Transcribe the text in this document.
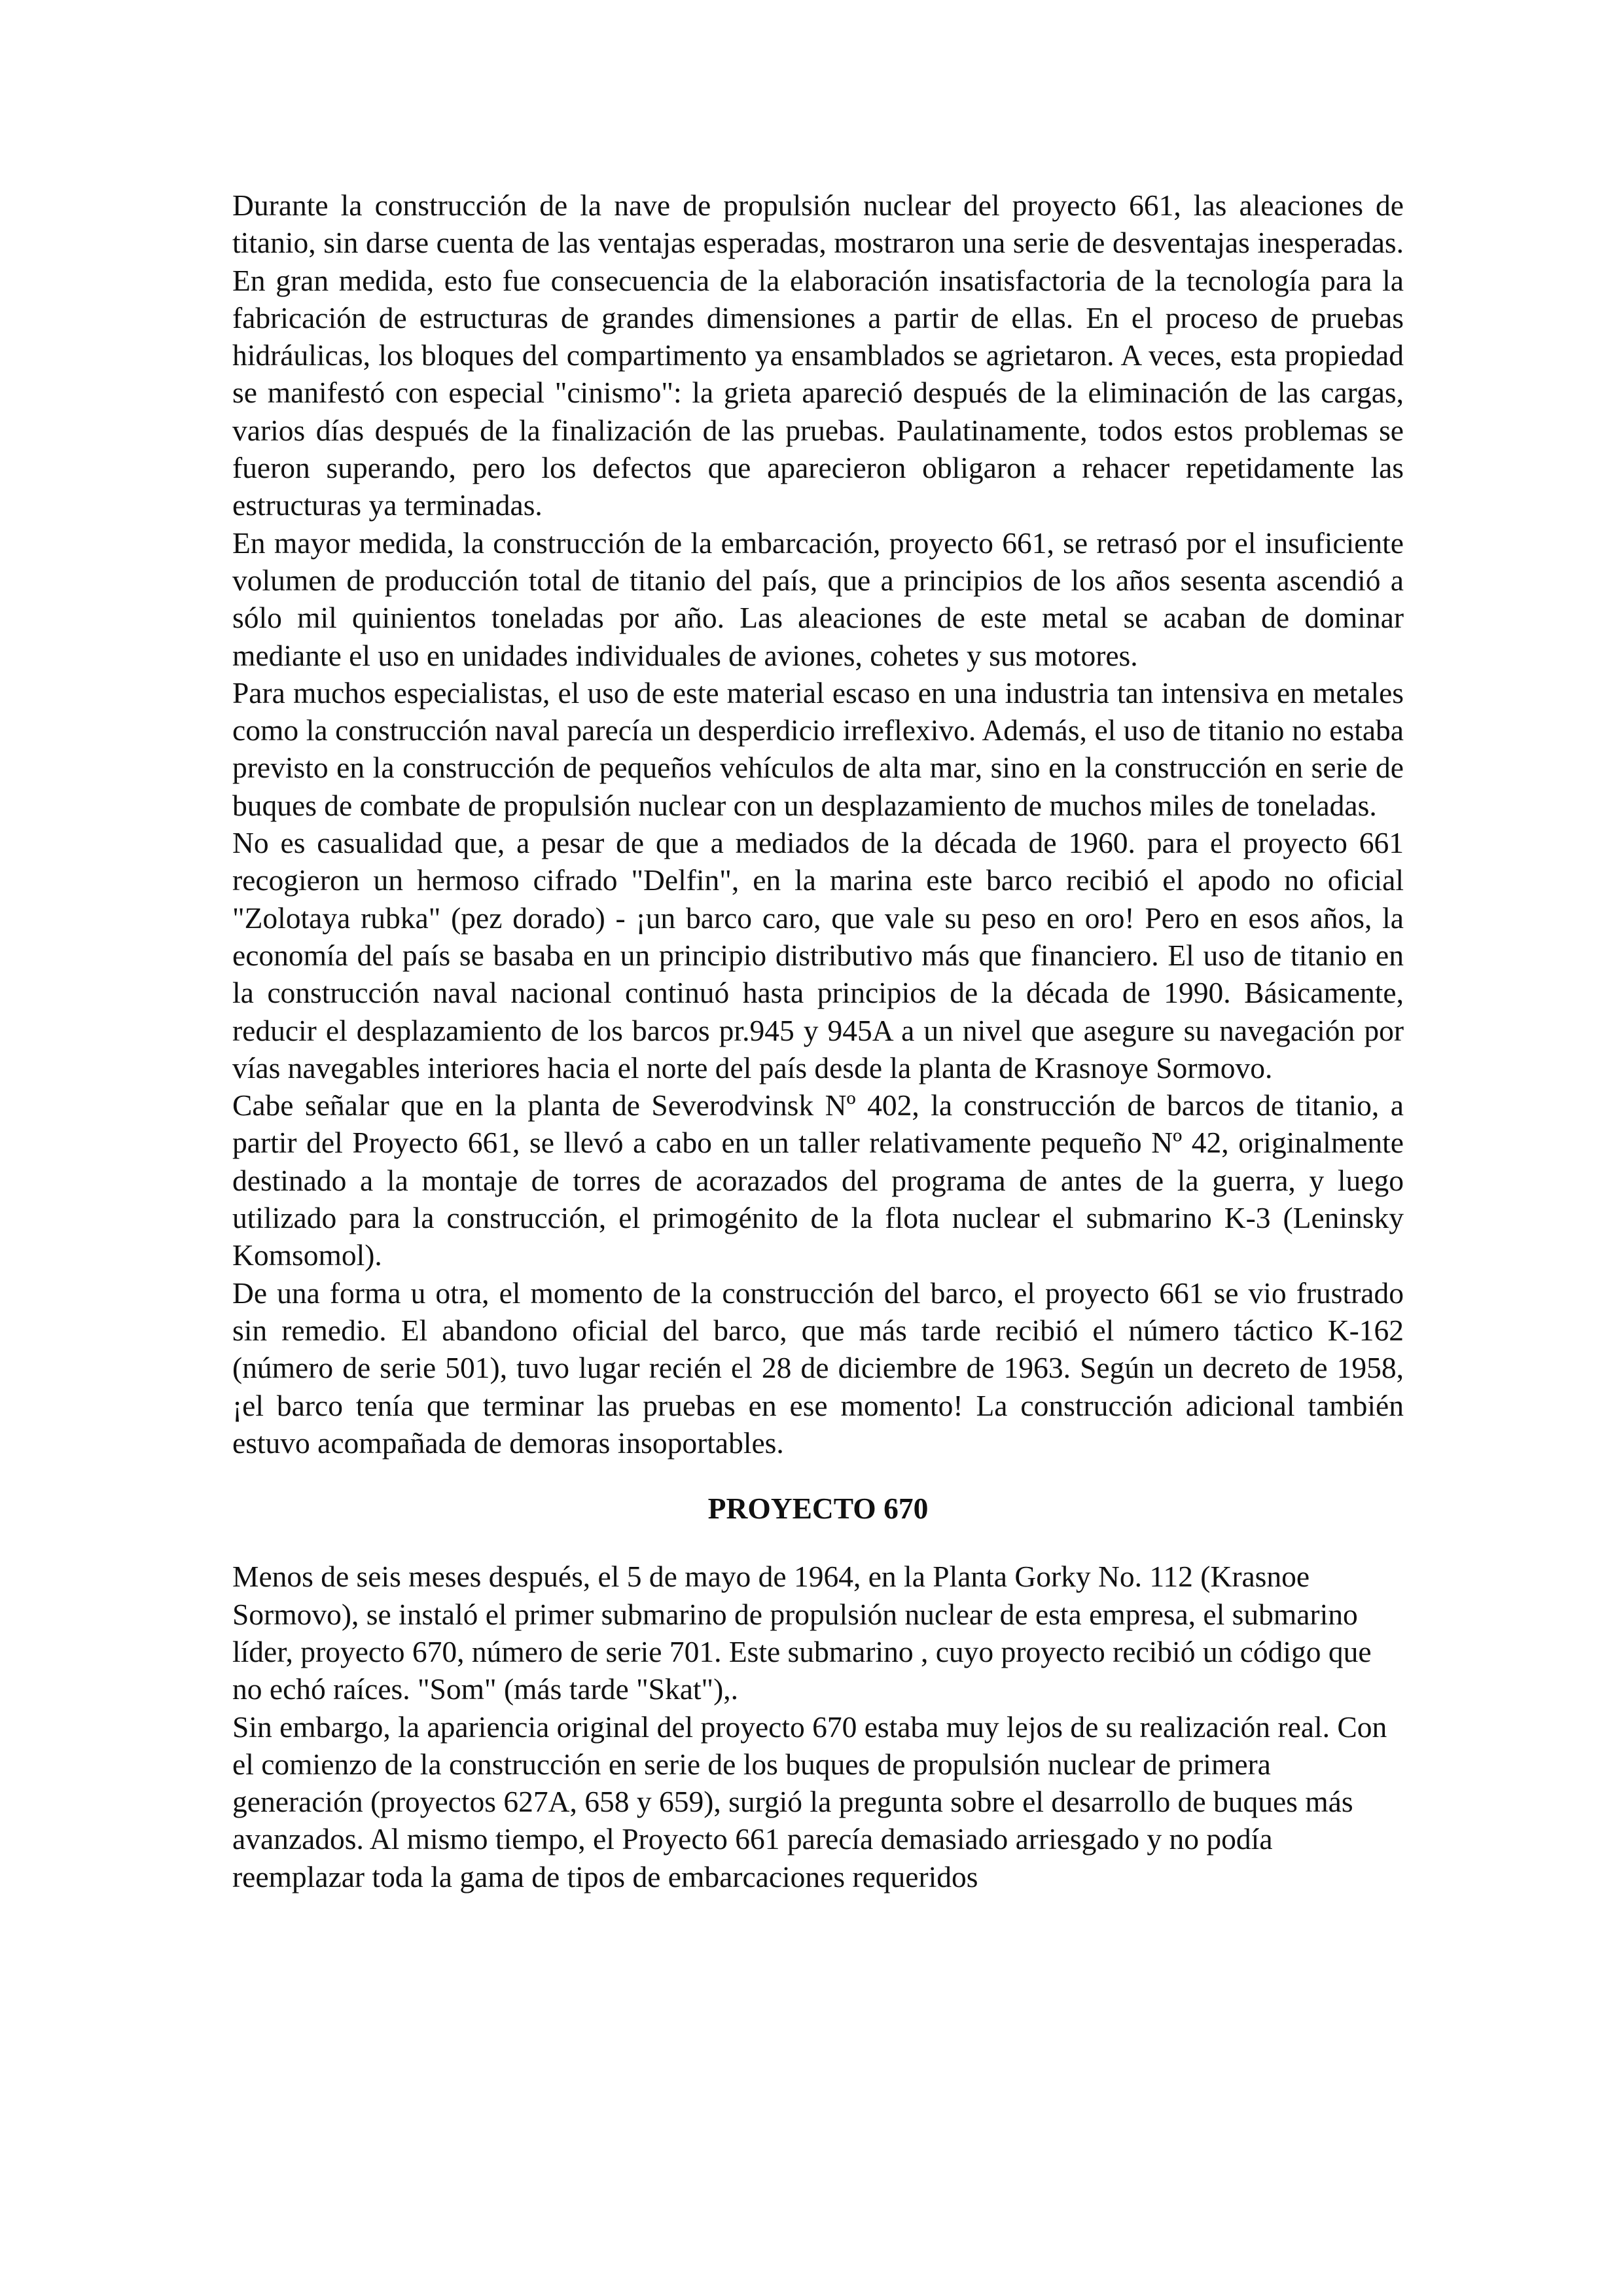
Durante la construcción de la nave de propulsión nuclear del proyecto 661, las aleaciones de titanio, sin darse cuenta de las ventajas esperadas, mostraron una serie de desventajas inesperadas. En gran medida, esto fue consecuencia de la elaboración insatisfactoria de la tecnología para la fabricación de estructuras de grandes dimensiones a partir de ellas. En el proceso de pruebas hidráulicas, los bloques del compartimento ya ensamblados se agrietaron. A veces, esta propiedad se manifestó con especial "cinismo": la grieta apareció después de la eliminación de las cargas, varios días después de la finalización de las pruebas. Paulatinamente, todos estos problemas se fueron superando, pero los defectos que aparecieron obligaron a rehacer repetidamente las estructuras ya terminadas.

En mayor medida, la construcción de la embarcación, proyecto 661, se retrasó por el insuficiente volumen de producción total de titanio del país, que a principios de los años sesenta ascendió a sólo mil quinientos toneladas por año. Las aleaciones de este metal se acaban de dominar mediante el uso en unidades individuales de aviones, cohetes y sus motores.

Para muchos especialistas, el uso de este material escaso en una industria tan intensiva en metales como la construcción naval parecía un desperdicio irreflexivo. Además, el uso de titanio no estaba previsto en la construcción de pequeños vehículos de alta mar, sino en la construcción en serie de buques de combate de propulsión nuclear con un desplazamiento de muchos miles de toneladas.

No es casualidad que, a pesar de que a mediados de la década de 1960. para el proyecto 661 recogieron un hermoso cifrado "Delfin", en la marina este barco recibió el apodo no oficial "Zolotaya rubka" (pez dorado) - ¡un barco caro, que vale su peso en oro! Pero en esos años, la economía del país se basaba en un principio distributivo más que financiero. El uso de titanio en la construcción naval nacional continuó hasta principios de la década de 1990. Básicamente, reducir el desplazamiento de los barcos pr.945 y 945A a un nivel que asegure su navegación por vías navegables interiores hacia el norte del país desde la planta de Krasnoye Sormovo.

Cabe señalar que en la planta de Severodvinsk Nº 402, la construcción de barcos de titanio, a partir del Proyecto 661, se llevó a cabo en un taller relativamente pequeño Nº 42, originalmente destinado a la montaje de torres de acorazados del programa de antes de la guerra, y luego utilizado para la construcción, el primogénito de la flota nuclear el submarino K-3 (Leninsky Komsomol).

De una forma u otra, el momento de la construcción del barco, el proyecto 661 se vio frustrado sin remedio. El abandono oficial del barco, que más tarde recibió el número táctico K-162 (número de serie 501), tuvo lugar recién el 28 de diciembre de 1963. Según un decreto de 1958, ¡el barco tenía que terminar las pruebas en ese momento! La construcción adicional también estuvo acompañada de demoras insoportables.

PROYECTO 670

Menos de seis meses después, el 5 de mayo de 1964, en la Planta Gorky No. 112 (Krasnoe Sormovo), se instaló el primer submarino de propulsión nuclear de esta empresa, el submarino líder, proyecto 670, número de serie 701. Este submarino , cuyo proyecto recibió un código que no echó raíces. "Som" (más tarde "Skat"),.

Sin embargo, la apariencia original del proyecto 670 estaba muy lejos de su realización real. Con el comienzo de la construcción en serie de los buques de propulsión nuclear de primera generación (proyectos 627A, 658 y 659), surgió la pregunta sobre el desarrollo de buques más avanzados. Al mismo tiempo, el Proyecto 661 parecía demasiado arriesgado y no podía reemplazar toda la gama de tipos de embarcaciones requeridos
